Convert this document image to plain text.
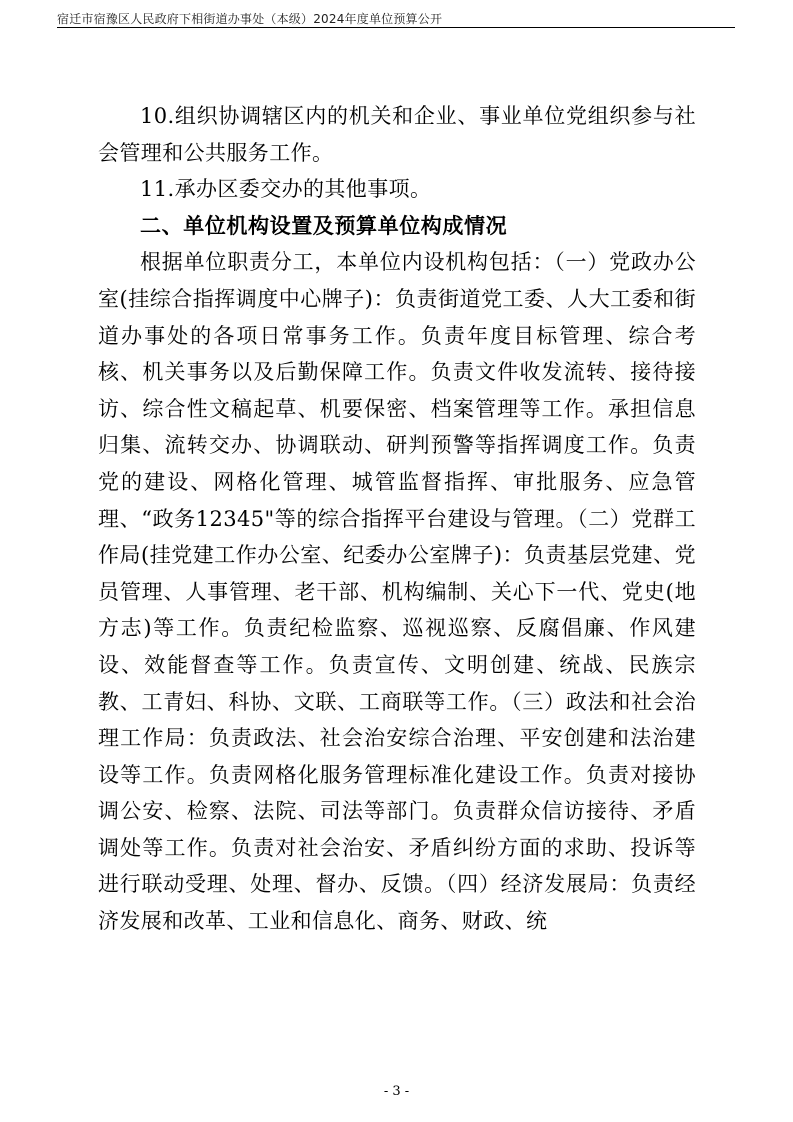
宿迁市宿豫区人民政府下相街道办事处（本级）2024年度单位预算公开

10.组织协调辖区内的机关和企业、事业单位党组织参与社会管理和公共服务工作。

11.承办区委交办的其他事项。

二、单位机构设置及预算单位构成情况

根据单位职责分工，本单位内设机构包括：（一）党政办公室(挂综合指挥调度中心牌子)：负责街道党工委、人大工委和街道办事处的各项日常事务工作。负责年度目标管理、综合考核、机关事务以及后勤保障工作。负责文件收发流转、接待接访、综合性文稿起草、机要保密、档案管理等工作。承担信息归集、流转交办、协调联动、研判预警等指挥调度工作。负责党的建设、网格化管理、城管监督指挥、审批服务、应急管理、“政务12345"等的综合指挥平台建设与管理。（二）党群工作局(挂党建工作办公室、纪委办公室牌子)：负责基层党建、党员管理、人事管理、老干部、机构编制、关心下一代、党史(地方志)等工作。负责纪检监察、巡视巡察、反腐倡廉、作风建设、效能督查等工作。负责宣传、文明创建、统战、民族宗教、工青妇、科协、文联、工商联等工作。（三）政法和社会治理工作局：负责政法、社会治安综合治理、平安创建和法治建设等工作。负责网格化服务管理标准化建设工作。负责对接协调公安、检察、法院、司法等部门。负责群众信访接待、矛盾调处等工作。负责对社会治安、矛盾纠纷方面的求助、投诉等进行联动受理、处理、督办、反馈。（四）经济发展局：负责经济发展和改革、工业和信息化、商务、财政、统

- 3 -
